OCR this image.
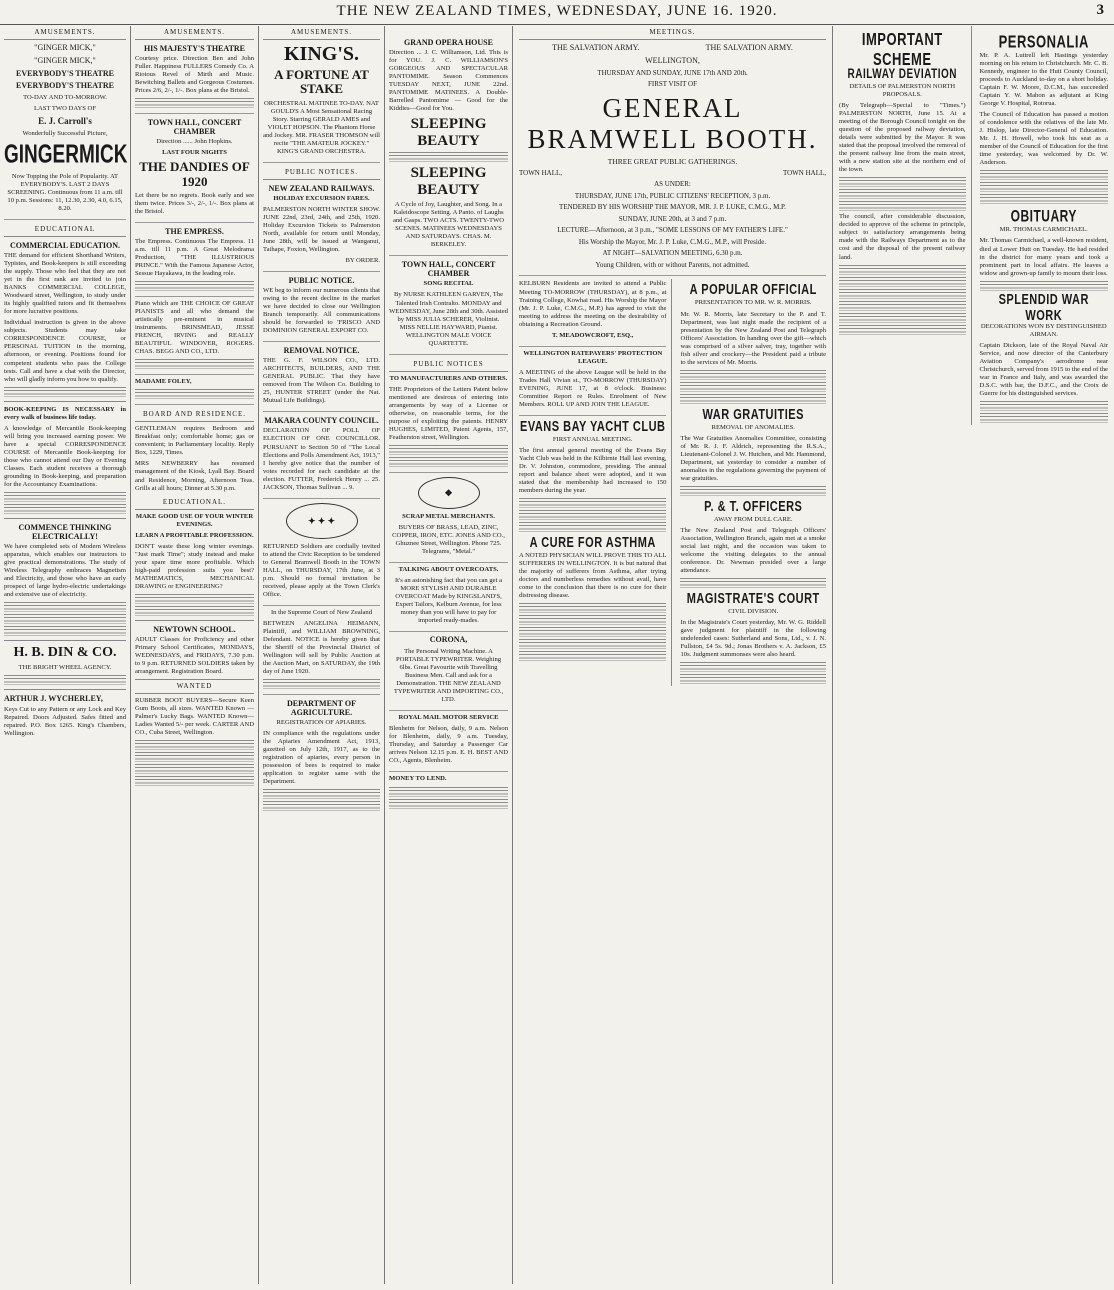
THE NEW ZEALAND TIMES, WEDNESDAY, JUNE 16. 1920.	3
AMUSEMENTS.
"GINGER MICK,"
"GINGER MICK,"
EVERYBODY'S THEATRE
EVERYBODY'S THEATRE
TO-DAY AND TO-MORROW.
LAST TWO DAYS OF
E. J. Carroll's
Wonderfully Successful Picture,
GINGERMICK
Now Topping the Pole of Popularity. AT EVERYBODY'S. LAST 2 DAYS SCREENING. Continuous from 11 a.m. till 10 p.m. Sessions: 11, 12.30, 2.30, 4.0, 6.15, 8.20.
EDUCATIONAL
COMMERCIAL EDUCATION.
THE demand for efficient Shorthand Writers, Typistes, and Book-keepers is still exceeding the supply. Those who feel that they are not yet in the first rank are invited to join BANKS COMMERCIAL COLLEGE, Woodward street, Wellington, to study under its highly qualified tutors and fit themselves for more lucrative positions.
Individual instruction is given in the above subjects. Students may take CORRESPONDENCE COURSE, or PERSONAL TUITION in the morning, afternoon, or evening. Positions found for competent students who pass the College tests. Call and have a chat with the Director, who will gladly inform you how to qualify.
BOOK-KEEPING IS NECESSARY in every walk of business life today.
A knowledge of Mercantile Book-keeping will bring you increased earning power. We have a special CORRESPONDENCE COURSE of Mercantile Book-keeping for those who cannot attend our Day or Evening Classes. Each student receives a thorough grounding in Book-keeping, and preparation for the Accountancy Examinations.
COMMENCE THINKING ELECTRICALLY!
We have completed sets of Modern Wireless apparatus, which enables our instructors to give practical demonstrations. The study of Wireless Telegraphy embraces Magnetism and Electricity, and those who have an early prospect of large hydro-electric undertakings and extensive use of electricity.
H. B. DIN & CO.
THE BRIGHT WHEEL AGENCY.
ARTHUR J. WYCHERLEY,
Keys Cut to any Pattern or any Lock and Key Repaired. Doors Adjusted. Safes fitted and repaired. P.O. Box 1265. King's Chambers, Wellington.
AMUSEMENTS.
HIS MAJESTY'S THEATRE
Courtesy price. Direction Ben and John Fuller. Happiness FULLERS Comedy Co. A Riotous Revel of Mirth and Music. Bewitching Ballets and Gorgeous Costumes. Prices 2/6, 2/-, 1/-. Box plans at the Bristol.
TOWN HALL, CONCERT CHAMBER
Direction ...... John Hopkins.
LAST FOUR NIGHTS
THE DANDIES OF 1920
Let there be no regrets. Book early and see them twice. Prices 3/-, 2/-, 1/-. Box plans at the Bristol.
THE EMPRESS.
The Empress. Continuous The Empress. 11 a.m. till 11 p.m. A Great Melodrama Production, "THE ILLUSTRIOUS PRINCE." With the Famous Japanese Actor, Sessue Hayakawa, in the leading role.
Piano which are THE CHOICE OF GREAT PIANISTS and all who demand the artistically pre-eminent in musical instruments. BRINSMEAD, JESSE FRENCH, IRVING and REALLY BEAUTIFUL WINDOVER, ROGERS. CHAS. BEGG AND CO., LTD.
MADAME FOLEY,
BOARD AND RESIDENCE.
GENTLEMAN requires Bedroom and Breakfast only; comfortable home; gas or convenient; in Parliamentary locality. Reply Box, 1229, Times.
MRS NEWBERRY has resumed management of the Kiosk, Lyall Bay. Board and Residence, Morning, Afternoon Teas. Grills at all hours; Dinner at 5.30 p.m.
EDUCATIONAL.
MAKE GOOD USE OF YOUR WINTER EVENINGS.
LEARN A PROFITABLE PROFESSION.
DON'T waste these long winter evenings. "Just mark Time"; study instead and make your spare time more profitable. Which high-paid profession suits you best? MATHEMATICS, MECHANICAL DRAWING or ENGINEERING?
NEWTOWN SCHOOL.
ADULT Classes for Proficiency and other Primary School Certificates, MONDAYS, WEDNESDAYS, and FRIDAYS, 7.30 p.m. to 9 p.m. RETURNED SOLDIERS taken by arrangement. Registration Board.
WANTED
RUBBER BOOT BUYERS—Secure Keen Gum Boots, all sizes. WANTED Known — Palmer's Lucky Bags. WANTED Known—Ladies Wanted 5/- per week. CARTER AND CO., Cuba Street, Wellington.
AMUSEMENTS.
KING'S.
A FORTUNE AT STAKE
ORCHESTRAL MATINEE TO-DAY. NAT GOULD'S A Most Sensational Racing Story. Starring GERALD AMES and VIOLET HOPSON. The Phantom Horse and Jockey. MR. FRASER THOMSON will recite "THE AMATEUR JOCKEY." KING'S GRAND ORCHESTRA.
PUBLIC NOTICES.
NEW ZEALAND RAILWAYS.
HOLIDAY EXCURSION FARES.
PALMERSTON NORTH WINTER SHOW. JUNE 22nd, 23rd, 24th, and 25th, 1920. Holiday Excursion Tickets to Palmerston North, available for return until Monday, June 28th, will be issued at Wanganui, Taihape, Foxton, Wellington.
BY ORDER.
PUBLIC NOTICE.
WE beg to inform our numerous clients that owing to the recent decline in the market we have decided to close our Wellington Branch temporarily. All communications should be forwarded to 'FRISCO AND DOMINION GENERAL EXPORT CO.
REMOVAL NOTICE.
THE G. F. WILSON CO., LTD. ARCHITECTS, BUILDERS, AND THE GENERAL PUBLIC. That they have removed from The Wilson Co. Building to 25, HUNTER STREET (under the Nat. Mutual Life Buildings).
MAKARA COUNTY COUNCIL.
DECLARATION OF POLL OF ELECTION OF ONE COUNCILLOR. PURSUANT to Section 50 of "The Local Elections and Polls Amendment Act, 1913," I hereby give notice that the number of votes recorded for each candidate at the election. FUTTER, Frederick Henry ... 25. JACKSON, Thomas Sullivan ... 9.
✦ ✦ ✦
RETURNED Soldiers are cordially invited to attend the Civic Reception to be tendered to General Bramwell Booth in the TOWN HALL, on THURSDAY, 17th June, at 3 p.m. Should no formal invitation be received, please apply at the Town Clerk's Office.
In the Supreme Court of New Zealand
BETWEEN ANGELINA HEIMANN, Plaintiff, and WILLIAM BROWNING, Defendant. NOTICE is hereby given that the Sheriff of the Provincial District of Wellington will sell by Public Auction at the Auction Mart, on SATURDAY, the 19th day of June 1920.
DEPARTMENT OF AGRICULTURE.
REGISTRATION OF APIARIES.
IN compliance with the regulations under the Apiaries Amendment Act, 1913, gazetted on July 12th, 1917, as to the registration of apiaries, every person in possession of bees is required to make application to register same with the Department.
GRAND OPERA HOUSE
Direction ... J. C. Williamson, Ltd. This is for YOU. J. C. WILLIAMSON'S GORGEOUS AND SPECTACULAR PANTOMIME. Season Commences TUESDAY NEXT, JUNE 22nd. PANTOMIME MATINEES. A Double-Barrelled Pantomime — Good for the Kiddies—Good for You.
SLEEPING BEAUTY
SLEEPING BEAUTY
A Cycle of Joy, Laughter, and Song. In a Kaleidoscope Setting. A Panto. of Laughs and Gasps. TWO ACTS. TWENTY-TWO SCENES. MATINEES WEDNESDAYS AND SATURDAYS. CHAS. M. BERKELEY.
TOWN HALL, CONCERT CHAMBER
SONG RECITAL
By NURSE KATHLEEN GARVEN, The Talented Irish Contralto. MONDAY and WEDNESDAY, June 28th and 30th. Assisted by MISS JULIA SCHERER, Violinist. MISS NELLIE HAYWARD, Pianist. WELLINGTON MALE VOICE QUARTETTE.
PUBLIC NOTICES
TO MANUFACTURERS AND OTHERS.
THE Proprietors of the Letters Patent below mentioned are desirous of entering into arrangements by way of a License or otherwise, on reasonable terms, for the purpose of exploiting the patents. HENRY HUGHES, LIMITED, Patent Agents, 157, Featherston street, Wellington.
❖
SCRAP METAL MERCHANTS.
BUYERS OF BRASS, LEAD, ZINC, COPPER, IRON, ETC. JONES AND CO., Ghuznee Street, Wellington. Phone 725. Telegrams, "Metal."
TALKING ABOUT OVERCOATS.
It's an astonishing fact that you can get a MORE STYLISH AND DURABLE OVERCOAT Made by KINGSLAND'S, Expert Tailors, Kelburn Avenue, for less money than you will have to pay for imported ready-mades.
CORONA,
The Personal Writing Machine. A PORTABLE TYPEWRITER. Weighing 6lbs. Great Favourite with Travelling Business Men. Call and ask for a Demonstration. THE NEW ZEALAND TYPEWRITER AND IMPORTING CO., LTD.
ROYAL MAIL MOTOR SERVICE
Blenheim for Nelson, daily, 9 a.m. Nelson for Blenheim, daily, 9 a.m. Tuesday, Thursday, and Saturday a Passenger Car arrives Nelson 12.15 p.m. E. H. BEST AND CO., Agents, Blenheim.
MONEY TO LEND.
MEETINGS.
THE SALVATION ARMY.	THE SALVATION ARMY.
WELLINGTON,
THURSDAY AND SUNDAY, JUNE 17th AND 20th.
FIRST VISIT OF
GENERAL BRAMWELL BOOTH.
THREE GREAT PUBLIC GATHERINGS.
TOWN HALL,	TOWN HALL,
AS UNDER:
THURSDAY, JUNE 17th, PUBLIC CITIZENS' RECEPTION, 3 p.m.
TENDERED BY HIS WORSHIP THE MAYOR, MR. J. P. LUKE, C.M.G., M.P.
SUNDAY, JUNE 20th, at 3 and 7 p.m.
LECTURE—Afternoon, at 3 p.m., "SOME LESSONS OF MY FATHER'S LIFE."
His Worship the Mayor, Mr. J. P. Luke, C.M.G., M.P., will Preside.
AT NIGHT—SALVATION MEETING, 6.30 p.m.
Young Children, with or without Parents, not admitted.
KELBURN Residents are invited to attend a Public Meeting TO-MORROW (THURSDAY), at 8 p.m., at Training College, Kowhai road. His Worship the Mayor (Mr. J. P. Luke, C.M.G., M.P.) has agreed to visit the meeting to address the meeting on the desirability of obtaining a Recreation Ground.
T. MEADOWCROFT, ESQ.,
WELLINGTON RATEPAYERS' PROTECTION LEAGUE.
A MEETING of the above League will be held in the Trades Hall Vivian st., TO-MORROW (THURSDAY) EVENING, JUNE 17, at 8 o'clock. Business: Committee Report re Rules. Enrolment of New Members. ROLL UP AND JOIN THE LEAGUE.
EVANS BAY YACHT CLUB
FIRST ANNUAL MEETING.
The first annual general meeting of the Evans Bay Yacht Club was held in the Kilbirnie Hall last evening, Dr. V. Johnston, commodore, presiding. The annual report and balance sheet were adopted, and it was stated that the membership had increased to 150 members during the year.
A CURE FOR ASTHMA
A NOTED PHYSICIAN WILL PROVE THIS TO ALL SUFFERERS IN WELLINGTON. It is but natural that the majority of sufferers from Asthma, after trying doctors and numberless remedies without avail, have come to the conclusion that there is no cure for their distressing disease.
A POPULAR OFFICIAL
PRESENTATION TO MR. W. R. MORRIS.
Mr. W. R. Morris, late Secretary to the P. and T. Department, was last night made the recipient of a presentation by the New Zealand Post and Telegraph Officers' Association. In handing over the gift—which was comprised of a silver salver, tray, together with fish silver and crockery—the President paid a tribute to the services of Mr. Morris.
WAR GRATUITIES
REMOVAL OF ANOMALIES.
The War Gratuities Anomalies Committee, consisting of Mr. R. J. F. Aldrich, representing the R.S.A., Lieutenant-Colonel J. W. Hutchen, and Mr. Hammond, Department, sat yesterday to consider a number of anomalies in the regulations governing the payment of war gratuities.
P. & T. OFFICERS
AWAY FROM DULL CARE.
The New Zealand Post and Telegraph Officers' Association, Wellington Branch, again met at a smoke social last night, and the occasion was taken to welcome the visiting delegates to the annual conference. Dr. Newman presided over a large attendance.
MAGISTRATE'S COURT
CIVIL DIVISION.
In the Magistrate's Court yesterday, Mr. W. G. Riddell gave judgment for plaintiff in the following undefended cases: Sutherland and Sons, Ltd., v. J. N. Fullston, £4 5s. 9d.; Jonas Brothers v. A. Jackson, £5 10s. Judgment summonses were also heard.
IMPORTANT SCHEME
RAILWAY DEVIATION
DETAILS OF PALMERSTON NORTH PROPOSALS.
(By Telegraph—Special to "Times.") PALMERSTON NORTH, June 15. At a meeting of the Borough Council tonight on the question of the proposed railway deviation, details were submitted by the Mayor. It was stated that the proposal involved the removal of the present railway line from the main street, with a new station site at the northern end of the town.
The council, after considerable discussion, decided to approve of the scheme in principle, subject to satisfactory arrangements being made with the Railways Department as to the cost and the disposal of the present railway land.
PERSONALIA
Mr. P. A. Luttrell left Hastings yesterday morning on his return to Christchurch. Mr. C. B. Kennedy, engineer to the Hutt County Council, proceeds to Auckland to-day on a short holiday. Captain F. W. Moore, D.C.M., has succeeded Captain Y. W. Mahon as adjutant at King George V. Hospital, Rotorua.
The Council of Education has passed a motion of condolence with the relatives of the late Mr. J. Hislop, late Director-General of Education. Mr. J. H. Howell, who took his seat as a member of the Council of Education for the first time yesterday, was welcomed by Dr. W. Anderson.
OBITUARY
MR. THOMAS CARMICHAEL.
Mr. Thomas Carmichael, a well-known resident, died at Lower Hutt on Tuesday. He had resided in the district for many years and took a prominent part in local affairs. He leaves a widow and grown-up family to mourn their loss.
SPLENDID WAR WORK
DECORATIONS WON BY DISTINGUISHED AIRMAN.
Captain Dickson, late of the Royal Naval Air Service, and now director of the Canterbury Aviation Company's aerodrome near Christchurch, served from 1915 to the end of the war in France and Italy, and was awarded the D.S.C. with bar, the D.F.C., and the Croix de Guerre for his distinguished services.
